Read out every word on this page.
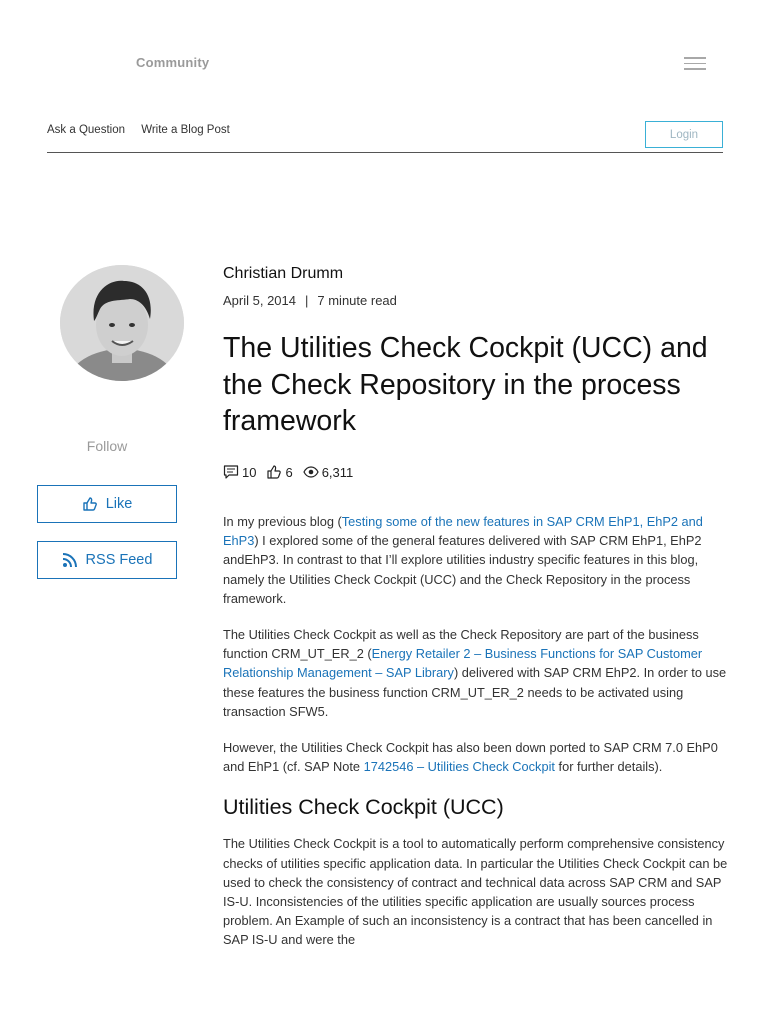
Community
Ask a Question Write a Blog Post	Login
Follow
Like
RSS Feed
Christian Drumm
April 5, 2014 | 7 minute read
The Utilities Check Cockpit (UCC) and the Check Repository in the process framework
10 6 6,311

In my previous blog (Testing some of the new features in SAP CRM EhP1, EhP2 and EhP3) I explored some of the general features delivered with SAP CRM EhP1, EhP2 andEhP3. In contrast to that I’ll explore utilities industry specific features in this blog, namely the Utilities Check Cockpit (UCC) and the Check Repository in the process framework.

The Utilities Check Cockpit as well as the Check Repository are part of the business function CRM_UT_ER_2 (Energy Retailer 2 – Business Functions for SAP Customer Relationship Management – SAP Library) delivered with SAP CRM EhP2. In order to use these features the business function CRM_UT_ER_2 needs to be activated using transaction SFW5.

However, the Utilities Check Cockpit has also been down ported to SAP CRM 7.0 EhP0 and EhP1 (cf. SAP Note 1742546 – Utilities Check Cockpit for further details).

Utilities Check Cockpit (UCC)

The Utilities Check Cockpit is a tool to automatically perform comprehensive consistency checks of utilities specific application data. In particular the Utilities Check Cockpit can be used to check the consistency of contract and technical data across SAP CRM and SAP IS-U. Inconsistencies of the utilities specific application are usually sources process problem. An Example of such an inconsistency is a contract that has been cancelled in SAP IS-U and were the
